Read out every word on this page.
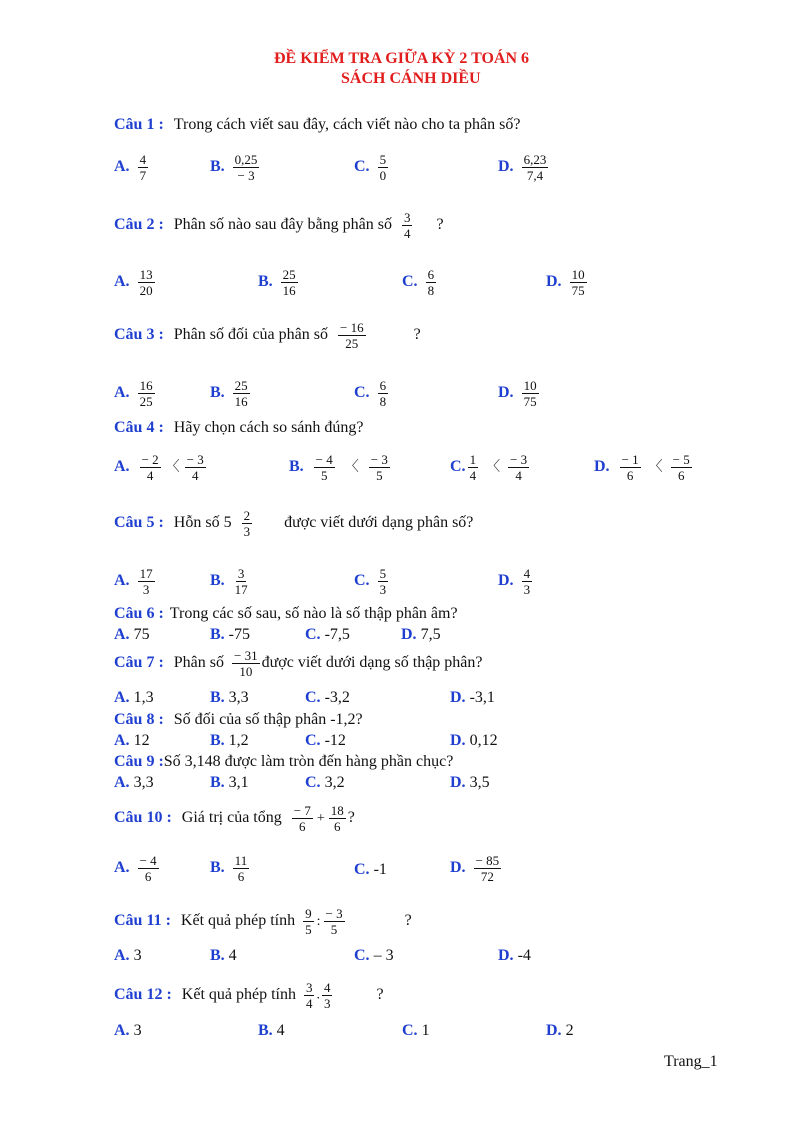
ĐỀ KIỂM TRA GIỮA KỲ 2 TOÁN 6
SÁCH CÁNH DIỀU
Câu 1 : Trong cách viết sau đây, cách viết nào cho ta phân số?
A. $\frac{4}{7}$	B. $\frac{0,25}{- 3}$	C. $\frac{5}{0}$	D. $\frac{6,23}{7,4}$
Câu 2 : Phân số nào sau đây bằng phân số $\frac{3}{4}$ ?
A. $\frac{13}{20}$	B. $\frac{25}{16}$	C. $\frac{6}{8}$	D. $\frac{10}{75}$
Câu 3 : Phân số đối của phân số $\frac{- 16}{25}$	?
A. $\frac{16}{25}$	B. $\frac{25}{16}$	C. $\frac{6}{8}$	D. $\frac{10}{75}$
Câu 4 : Hãy chọn cách so sánh đúng?
A. $\frac{- 2}{4}$ 〈 $\frac{- 3}{4}$	B. $\frac{- 4}{5}$ 〈 $\frac{- 3}{5}$	C. $\frac{1}{4}$ 〈 $\frac{- 3}{4}$	D. $\frac{- 1}{6}$ 〈 $\frac{- 5}{6}$
Câu 5 : Hỗn số $5 \frac{2}{3}$ được viết dưới dạng phân số?
A. $\frac{17}{3}$	B. $\frac{3}{17}$	C. $\frac{5}{3}$	D. $\frac{4}{3}$
Câu 6 : Trong các số sau, số nào là số thập phân âm?
A. 75	B. -75	C. -7,5	D. 7,5
Câu 7 : Phân số $\frac{- 31}{10}$ được viết dưới dạng số thập phân?
A. 1,3	B. 3,3	C. -3,2	D. -3,1
Câu 8 : Số đối của số thập phân -1,2?
A. 12	B. 1,2	C. -12	D. 0,12
Câu 9 :Số 3,148 được làm tròn đến hàng phần chục?
A. 3,3	B. 3,1	C. 3,2	D. 3,5
Câu 10 : Giá trị của tổng $\frac{- 7}{6} + \frac{18}{6}$ ?
A. $\frac{- 4}{6}$	B. $\frac{11}{6}$	C. -1	D. $\frac{- 85}{72}$
Câu 11 : Kết quả phép tính $\frac{9}{5}$ : $\frac{- 3}{5}$	?
A. 3	B. 4	C. – 3	D. -4
Câu 12 : Kết quả phép tính $\frac{3}{4}$ . $\frac{4}{3}$	?
A. 3	B. 4	C. 1	D. 2
Trang_1
